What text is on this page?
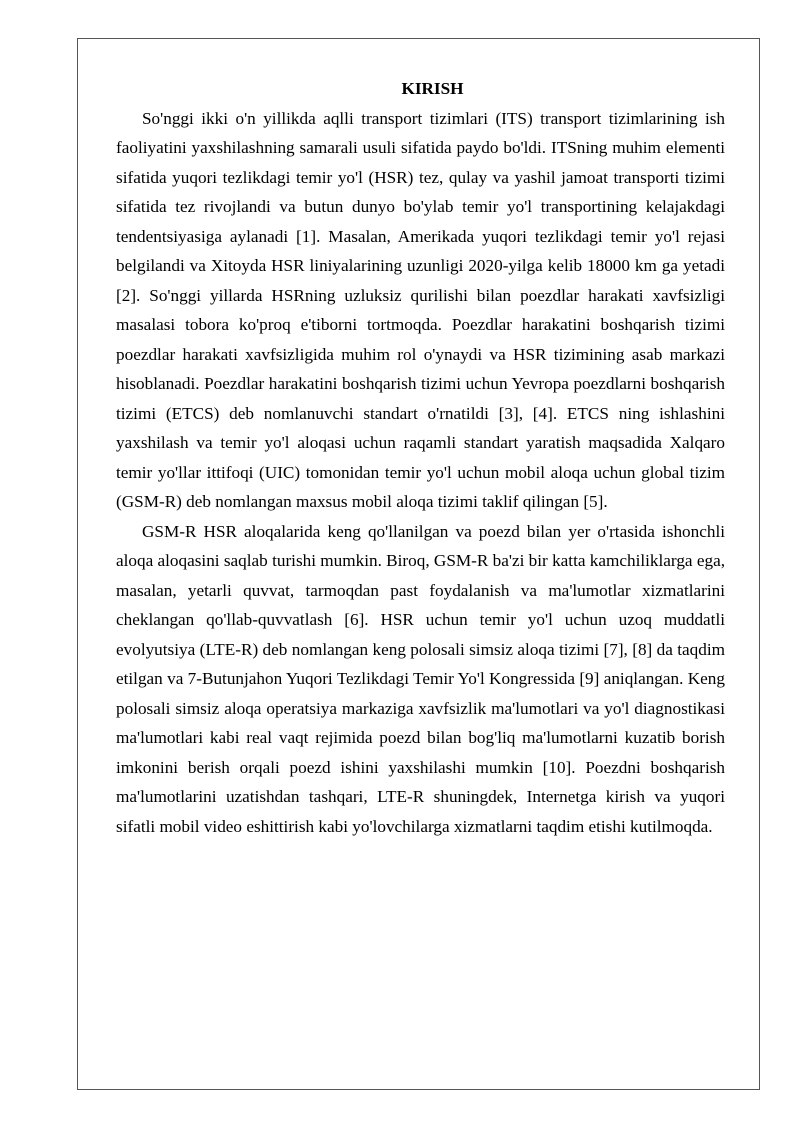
KIRISH

So'nggi ikki o'n yillikda aqlli transport tizimlari (ITS) transport tizimlarining ish faoliyatini yaxshilashning samarali usuli sifatida paydo bo'ldi. ITSning muhim elementi sifatida yuqori tezlikdagi temir yo'l (HSR) tez, qulay va yashil jamoat transporti tizimi sifatida tez rivojlandi va butun dunyo bo'ylab temir yo'l transportining kelajakdagi tendentsiyasiga aylanadi [1]. Masalan, Amerikada yuqori tezlikdagi temir yo'l rejasi belgilandi va Xitoyda HSR liniyalarining uzunligi 2020-yilga kelib 18000 km ga yetadi [2]. So'nggi yillarda HSRning uzluksiz qurilishi bilan poezdlar harakati xavfsizligi masalasi tobora ko'proq e'tiborni tortmoqda. Poezdlar harakatini boshqarish tizimi poezdlar harakati xavfsizligida muhim rol o'ynaydi va HSR tizimining asab markazi hisoblanadi. Poezdlar harakatini boshqarish tizimi uchun Yevropa poezdlarni boshqarish tizimi (ETCS) deb nomlanuvchi standart o'rnatildi [3], [4]. ETCS ning ishlashini yaxshilash va temir yo'l aloqasi uchun raqamli standart yaratish maqsadida Xalqaro temir yo'llar ittifoqi (UIC) tomonidan temir yo'l uchun mobil aloqa uchun global tizim (GSM-R) deb nomlangan maxsus mobil aloqa tizimi taklif qilingan [5].

GSM-R HSR aloqalarida keng qo'llanilgan va poezd bilan yer o'rtasida ishonchli aloqa aloqasini saqlab turishi mumkin. Biroq, GSM-R ba'zi bir katta kamchiliklarga ega, masalan, yetarli quvvat, tarmoqdan past foydalanish va ma'lumotlar xizmatlarini cheklangan qo'llab-quvvatlash [6]. HSR uchun temir yo'l uchun uzoq muddatli evolyutsiya (LTE-R) deb nomlangan keng polosali simsiz aloqa tizimi [7], [8] da taqdim etilgan va 7-Butunjahon Yuqori Tezlikdagi Temir Yo'l Kongressida [9] aniqlangan. Keng polosali simsiz aloqa operatsiya markaziga xavfsizlik ma'lumotlari va yo'l diagnostikasi ma'lumotlari kabi real vaqt rejimida poezd bilan bog'liq ma'lumotlarni kuzatib borish imkonini berish orqali poezd ishini yaxshilashi mumkin [10]. Poezdni boshqarish ma'lumotlarini uzatishdan tashqari, LTE-R shuningdek, Internetga kirish va yuqori sifatli mobil video eshittirish kabi yo'lovchilarga xizmatlarni taqdim etishi kutilmoqda.
